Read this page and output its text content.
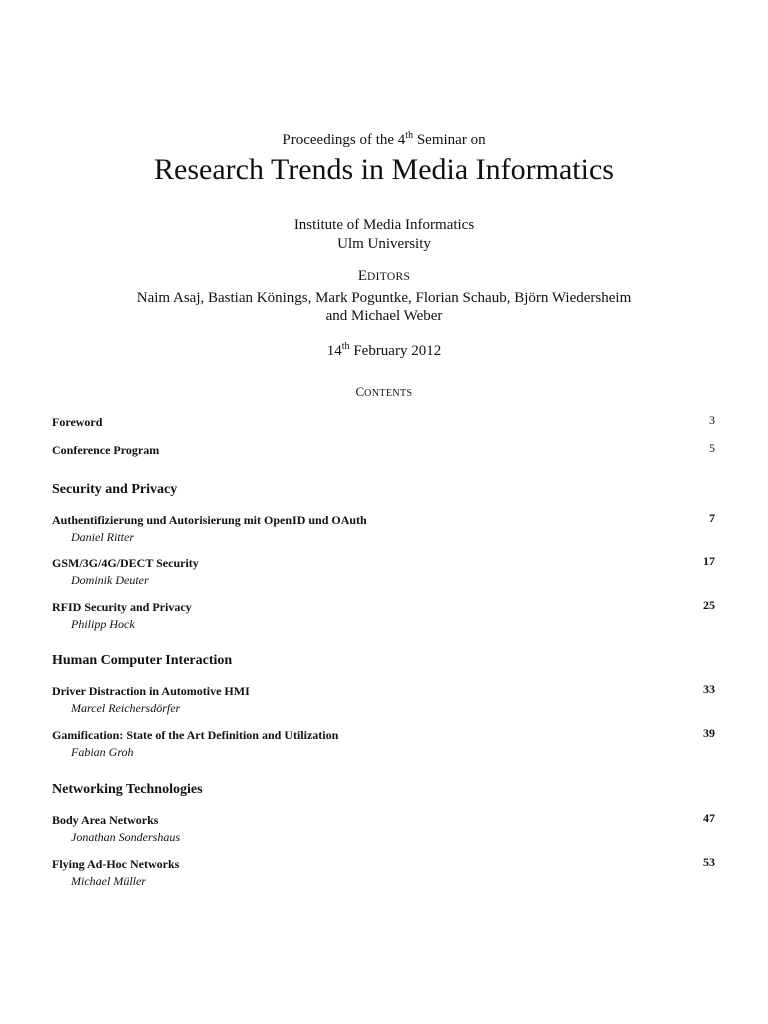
Proceedings of the 4th Seminar on
Research Trends in Media Informatics
Institute of Media Informatics
Ulm University
EDITORS
Naim Asaj, Bastian Könings, Mark Poguntke, Florian Schaub, Björn Wiedersheim
and Michael Weber
14th February 2012
CONTENTS
Foreword	3
Conference Program	5
Security and Privacy
Authentifizierung und Autorisierung mit OpenID und OAuth	7
Daniel Ritter
GSM/3G/4G/DECT Security	17
Dominik Deuter
RFID Security and Privacy	25
Philipp Hock
Human Computer Interaction
Driver Distraction in Automotive HMI	33
Marcel Reichersdörfer
Gamification: State of the Art Definition and Utilization	39
Fabian Groh
Networking Technologies
Body Area Networks	47
Jonathan Sondershaus
Flying Ad-Hoc Networks	53
Michael Müller
